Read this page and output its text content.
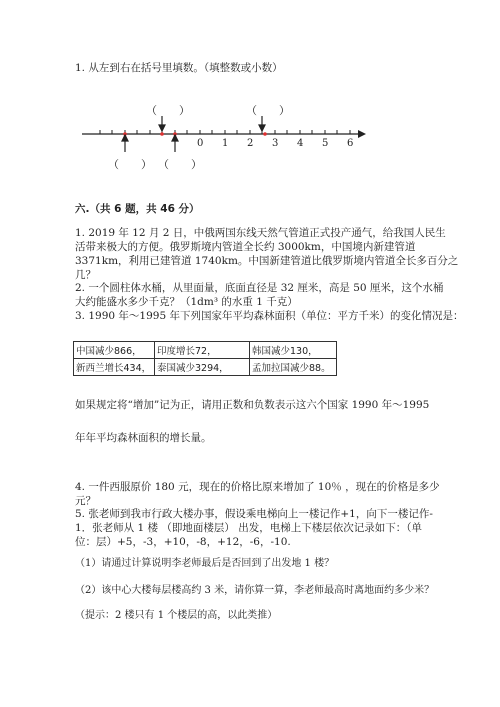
1. 从左到右在括号里填数。（填整数或小数）
（　　）	（　　）
（　　） （　　）
0 1 2 3 4 5 6
六.（共 6 题，共 46 分）
1. 2019 年 12 月 2 日，中俄两国东线天然气管道正式投产通气，给我国人民生
活带来极大的方便。俄罗斯境内管道全长约 3000km，中国境内新建管道
3371km，利用已建管道 1740km。中国新建管道比俄罗斯境内管道全长多百分之
几？
2. 一个圆柱体水桶，从里面量，底面直径是 32 厘米，高是 50 厘米，这个水桶
大约能盛水多少千克？（1dm³ 的水重 1 千克）
3. 1990 年～1995 年下列国家年平均森林面积（单位：平方千米）的变化情况是：
中国减少866，	印度增长72，	韩国减少130，
新西兰增长434，	泰国减少3294，	孟加拉国减少88。
如果规定将“增加”记为正，请用正数和负数表示这六个国家 1990 年～1995
年年平均森林面积的增长量。
4. 一件西服原价 180 元，现在的价格比原来增加了 10％ ，现在的价格是多少
元？
5. 张老师到我市行政大楼办事，假设乘电梯向上一楼记作+1，向下一楼记作-
1．张老师从 1 楼 （即地面楼层） 出发，电梯上下楼层依次记录如下：（单
位：层）+5，-3，+10，-8，+12，-6，-10.
（1）请通过计算说明李老师最后是否回到了出发地 1 楼？
（2）该中心大楼每层楼高约 3 米，请你算一算，李老师最高时离地面约多少米？
（提示：2 楼只有 1 个楼层的高，以此类推）
